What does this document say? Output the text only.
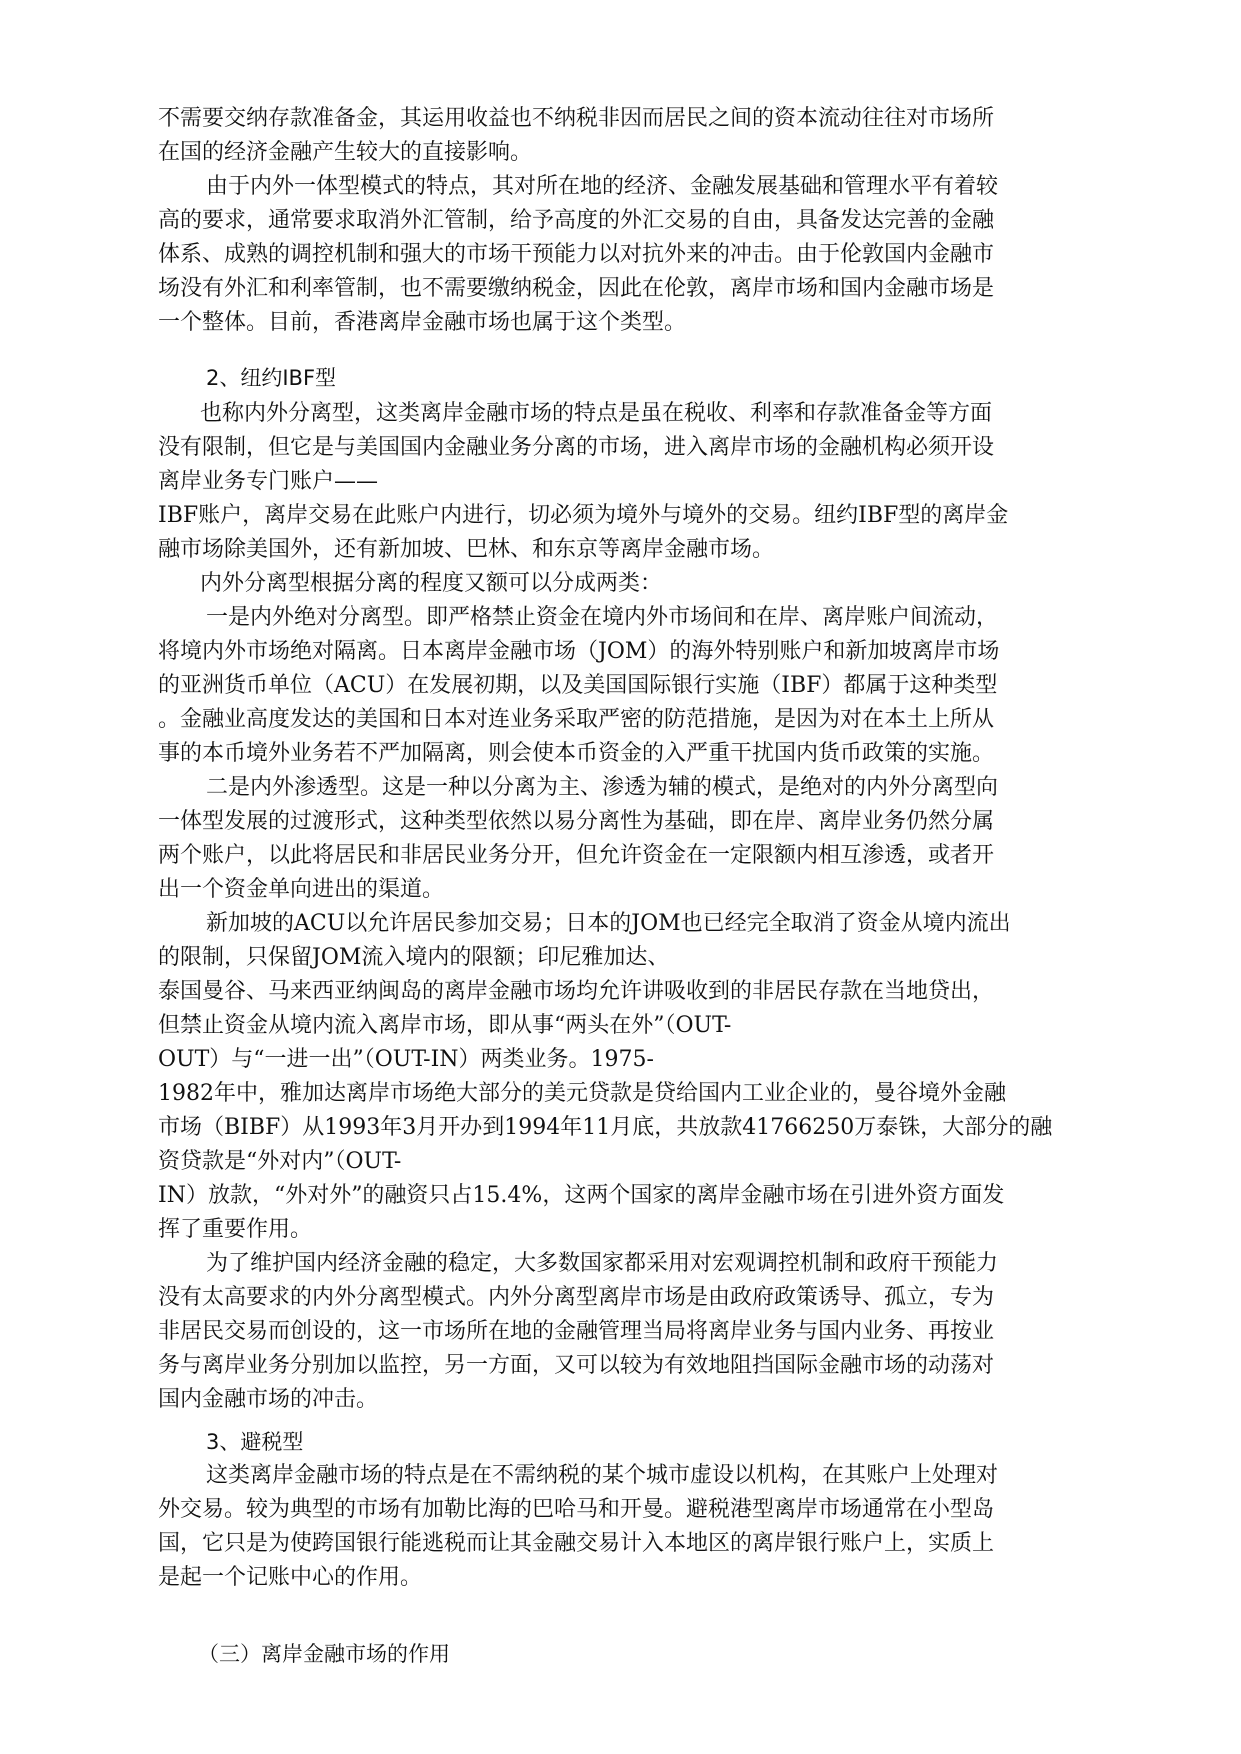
不需要交纳存款准备金，其运用收益也不纳税非因而居民之间的资本流动往往对市场所
在国的经济金融产生较大的直接影响。
由于内外一体型模式的特点，其对所在地的经济、金融发展基础和管理水平有着较
高的要求，通常要求取消外汇管制，给予高度的外汇交易的自由，具备发达完善的金融
体系、成熟的调控机制和强大的市场干预能力以对抗外来的冲击。由于伦敦国内金融市
场没有外汇和利率管制，也不需要缴纳税金，因此在伦敦，离岸市场和国内金融市场是
一个整体。目前，香港离岸金融市场也属于这个类型。
2、纽约IBF型
也称内外分离型，这类离岸金融市场的特点是虽在税收、利率和存款准备金等方面
没有限制，但它是与美国国内金融业务分离的市场，进入离岸市场的金融机构必须开设
离岸业务专门账户——
IBF账户，离岸交易在此账户内进行，切必须为境外与境外的交易。纽约IBF型的离岸金
融市场除美国外，还有新加坡、巴林、和东京等离岸金融市场。
内外分离型根据分离的程度又额可以分成两类：
一是内外绝对分离型。即严格禁止资金在境内外市场间和在岸、离岸账户间流动，
将境内外市场绝对隔离。日本离岸金融市场（JOM）的海外特别账户和新加坡离岸市场
的亚洲货币单位（ACU）在发展初期，以及美国国际银行实施（IBF）都属于这种类型
。金融业高度发达的美国和日本对连业务采取严密的防范措施，是因为对在本土上所从
事的本币境外业务若不严加隔离，则会使本币资金的入严重干扰国内货币政策的实施。
二是内外渗透型。这是一种以分离为主、渗透为辅的模式，是绝对的内外分离型向
一体型发展的过渡形式，这种类型依然以易分离性为基础，即在岸、离岸业务仍然分属
两个账户，以此将居民和非居民业务分开，但允许资金在一定限额内相互渗透，或者开
出一个资金单向进出的渠道。
新加坡的ACU以允许居民参加交易；日本的JOM也已经完全取消了资金从境内流出
的限制，只保留JOM流入境内的限额；印尼雅加达、
泰国曼谷、马来西亚纳闽岛的离岸金融市场均允许讲吸收到的非居民存款在当地贷出，
但禁止资金从境内流入离岸市场，即从事“两头在外”（OUT-
OUT）与“一进一出”（OUT-IN）两类业务。1975-
1982年中，雅加达离岸市场绝大部分的美元贷款是贷给国内工业企业的，曼谷境外金融
市场（BIBF）从1993年3月开办到1994年11月底，共放款41766250万泰铢，大部分的融
资贷款是“外对内”（OUT-
IN）放款，“外对外”的融资只占15.4%，这两个国家的离岸金融市场在引进外资方面发
挥了重要作用。
为了维护国内经济金融的稳定，大多数国家都采用对宏观调控机制和政府干预能力
没有太高要求的内外分离型模式。内外分离型离岸市场是由政府政策诱导、孤立，专为
非居民交易而创设的，这一市场所在地的金融管理当局将离岸业务与国内业务、再按业
务与离岸业务分别加以监控，另一方面，又可以较为有效地阻挡国际金融市场的动荡对
国内金融市场的冲击。
3、避税型
这类离岸金融市场的特点是在不需纳税的某个城市虚设以机构，在其账户上处理对
外交易。较为典型的市场有加勒比海的巴哈马和开曼。避税港型离岸市场通常在小型岛
国，它只是为使跨国银行能逃税而让其金融交易计入本地区的离岸银行账户上，实质上
是起一个记账中心的作用。
（三）离岸金融市场的作用
